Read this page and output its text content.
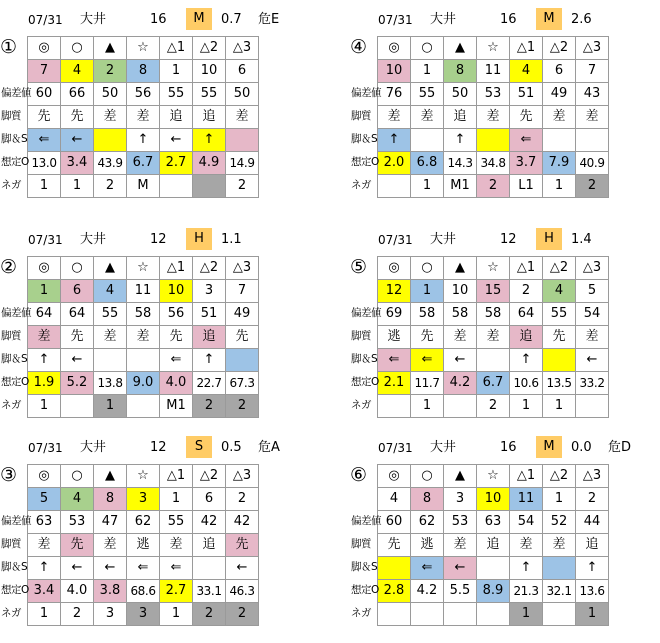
07/31 大井	16	M	0.7 危E
① ◎	○	▲	☆	△1	△2	△3
7	4	2	8	1	10	6
60	66	50	56	55	55	50
先	先	差	差	追	追	差
⇐	←		↑	←	↑	
13.0	3.4	43.9	6.7	2.7	4.9	14.9
1	1	2	M			2
偏差値
脚質
脚＆S
想定O
ネガ
07/31 大井	16	M	2.6
④ ◎	○	▲	☆	△1	△2	△3
10	1	8	11	4	6	7
76	55	50	53	51	49	43
差	差	追	差	先	差	差
↑		↑		⇐		
2.0	6.8	14.3	34.8	3.7	7.9	40.9
	1	M1	2	L1	1	2
偏差値
脚質
脚＆S
想定O
ネガ
07/31 大井	12	H	1.1
② ◎	○	▲	☆	△1	△2	△3
1	6	4	11	10	3	7
64	64	55	58	56	51	49
差	先	差	差	先	追	先
↑	←			⇐	↑	
1.9	5.2	13.8	9.0	4.0	22.7	67.3
1		1		M1	2	2
偏差値
脚質
脚＆S
想定O
ネガ
07/31 大井	12	H	1.4
⑤ ◎	○	▲	☆	△1	△2	△3
12	1	10	15	2	4	5
69	58	58	58	64	55	54
逃	先	差	差	追	先	差
⇐	⇐	←		↑		←
2.1	11.7	4.2	6.7	10.6	13.5	33.2
	1		2	1	1	
偏差値
脚質
脚＆S
想定O
ネガ
07/31 大井	12	S	0.5 危A
③ ◎	○	▲	☆	△1	△2	△3
5	4	8	3	1	6	2
63	53	47	62	55	42	42
差	先	差	逃	差	追	先
↑	←	←	⇐	⇐		←
3.4	4.0	3.8	68.6	2.7	33.1	46.3
1	2	3	3	1	2	2
偏差値
脚質
脚＆S
想定O
ネガ
07/31 大井	16	M	0.0 危D
⑥ ◎	○	▲	☆	△1	△2	△3
4	8	3	10	11	1	2
60	62	53	63	54	52	44
先	逃	差	追	差	差	追
	⇐	←		↑		↑
2.8	4.2	5.5	8.9	21.3	32.1	13.6
				1		1
偏差値
脚質
脚＆S
想定O
ネガ
